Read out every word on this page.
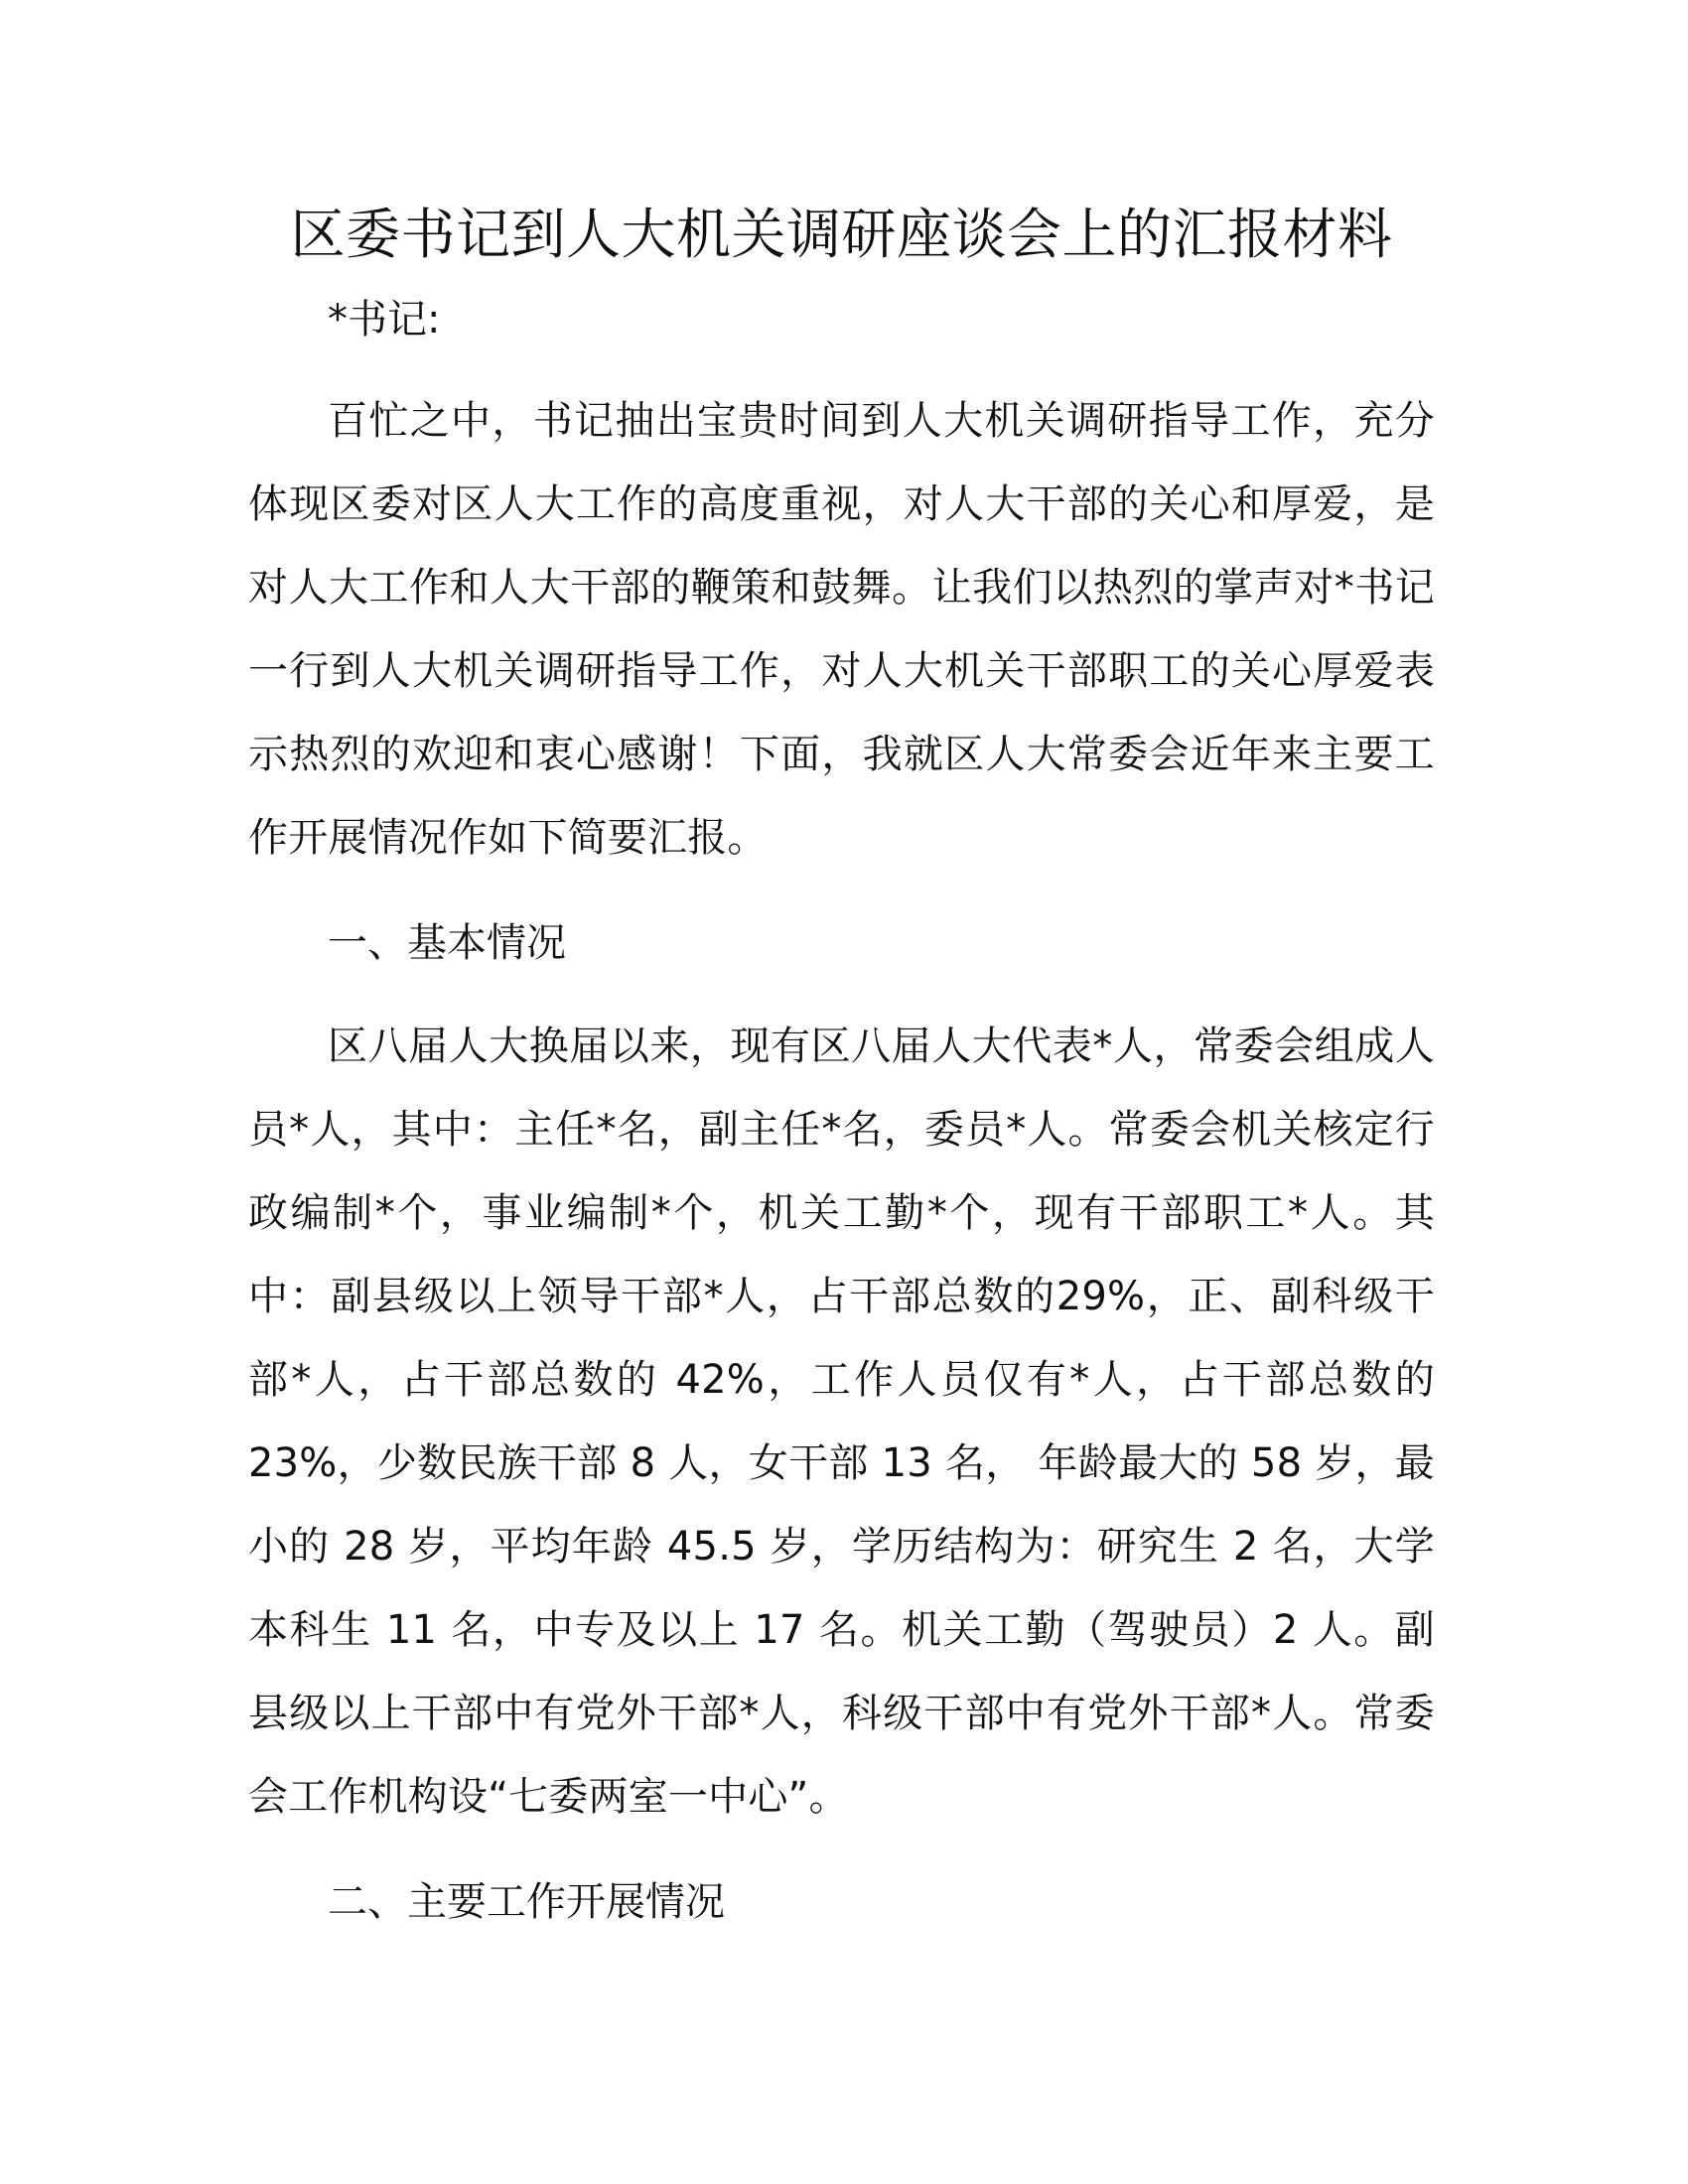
区委书记到人大机关调研座谈会上的汇报材料

*书记:

百忙之中，书记抽出宝贵时间到人大机关调研指导工作，充分体现区委对区人大工作的高度重视，对人大干部的关心和厚爱，是对人大工作和人大干部的鞭策和鼓舞。让我们以热烈的掌声对*书记一行到人大机关调研指导工作，对人大机关干部职工的关心厚爱表示热烈的欢迎和衷心感谢！下面，我就区人大常委会近年来主要工作开展情况作如下简要汇报。

一、基本情况

区八届人大换届以来，现有区八届人大代表*人，常委会组成人员*人，其中：主任*名，副主任*名，委员*人。常委会机关核定行政编制*个，事业编制*个，机关工勤*个，现有干部职工*人。其中：副县级以上领导干部*人，占干部总数的29%，正、副科级干部*人，占干部总数的 42%，工作人员仅有*人，占干部总数的 23%，少数民族干部 8 人，女干部 13 名， 年龄最大的 58 岁，最小的 28 岁，平均年龄 45.5 岁，学历结构为：研究生 2 名，大学本科生 11 名，中专及以上 17 名。机关工勤（驾驶员）2 人。副县级以上干部中有党外干部*人，科级干部中有党外干部*人。常委会工作机构设“七委两室一中心”。

二、主要工作开展情况
